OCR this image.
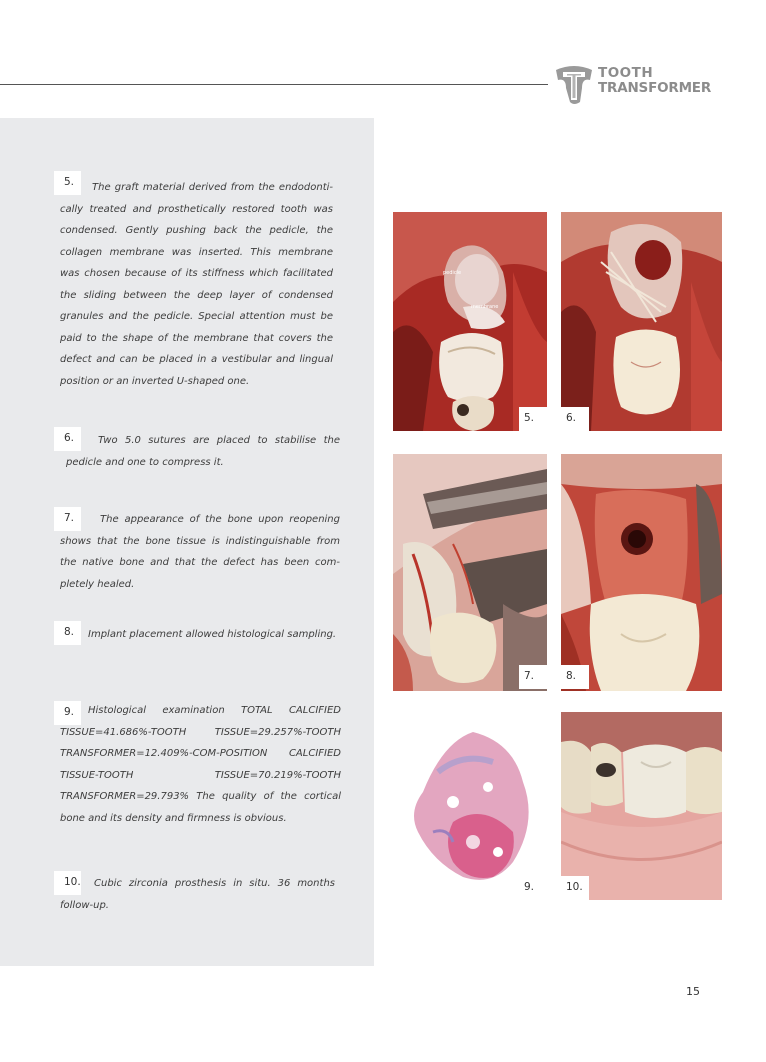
TOOTH
TRANSFORMER
5.	The graft material derived from the endodonti-cally treated and prosthetically restored tooth was condensed. Gently pushing back the pedicle, the collagen membrane was inserted. This membrane was chosen because of its stiffness which facilitated the sliding between the deep layer of condensed granules and the pedicle. Special attention must be paid to the shape of the membrane that covers the defect and can be placed in a vestibular and lingual position or an inverted U-shaped one.
6.	Two 5.0 sutures are placed to stabilise the pedicle and one to compress it.
7.	The appearance of the bone upon reopening shows that the bone tissue is indistinguishable from the native bone and that the defect has been com-pletely healed.
8.	Implant placement allowed histological sampling.
9.	Histological examination TOTAL CALCIFIED TISSUE=41.686%-TOOTH TISSUE=29.257%-TOOTH TRANSFORMER=12.409%-COM-POSITION CALCIFIED TISSUE-TOOTH TISSUE=70.219%-TOOTH TRANSFORMER=29.793% The quality of the cortical bone and its density and firmness is obvious.
10.	Cubic zirconia prosthesis in situ. 36 months follow-up.
pedicle
membrane
5.	6.
7.	8.
9.	10.
15
